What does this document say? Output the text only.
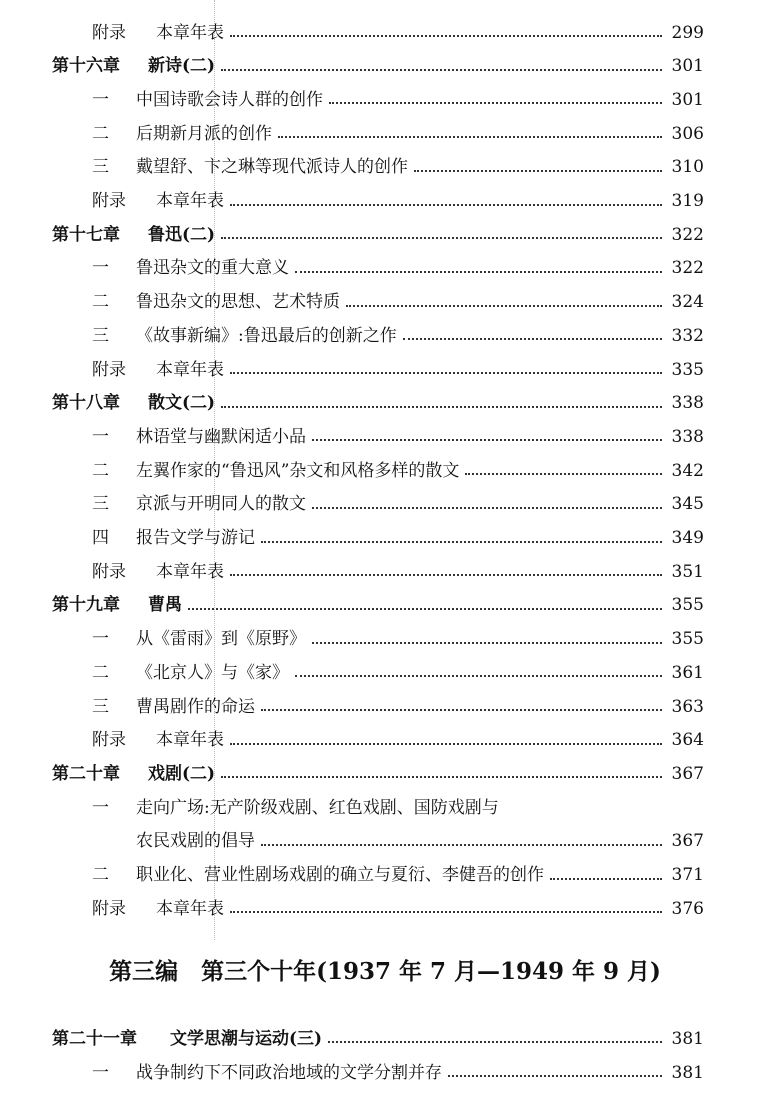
附录 本章年表	299
第十六章 新诗(二)	301
一 中国诗歌会诗人群的创作	301
二 后期新月派的创作	306
三 戴望舒、卞之琳等现代派诗人的创作	310
附录 本章年表	319
第十七章 鲁迅(二)	322
一 鲁迅杂文的重大意义	322
二 鲁迅杂文的思想、艺术特质	324
三 《故事新编》:鲁迅最后的创新之作	332
附录 本章年表	335
第十八章 散文(二)	338
一 林语堂与幽默闲适小品	338
二 左翼作家的“鲁迅风”杂文和风格多样的散文	342
三 京派与开明同人的散文	345
四 报告文学与游记	349
附录 本章年表	351
第十九章 曹禺	355
一 从《雷雨》到《原野》	355
二 《北京人》与《家》	361
三 曹禺剧作的命运	363
附录 本章年表	364
第二十章 戏剧(二)	367
一 走向广场:无产阶级戏剧、红色戏剧、国防戏剧与
农民戏剧的倡导	367
二 职业化、营业性剧场戏剧的确立与夏衍、李健吾的创作	371
附录 本章年表	376
第三编　第三个十年(1937 年 7 月—1949 年 9 月)
第二十一章 文学思潮与运动(三)	381
一 战争制约下不同政治地域的文学分割并存	381
